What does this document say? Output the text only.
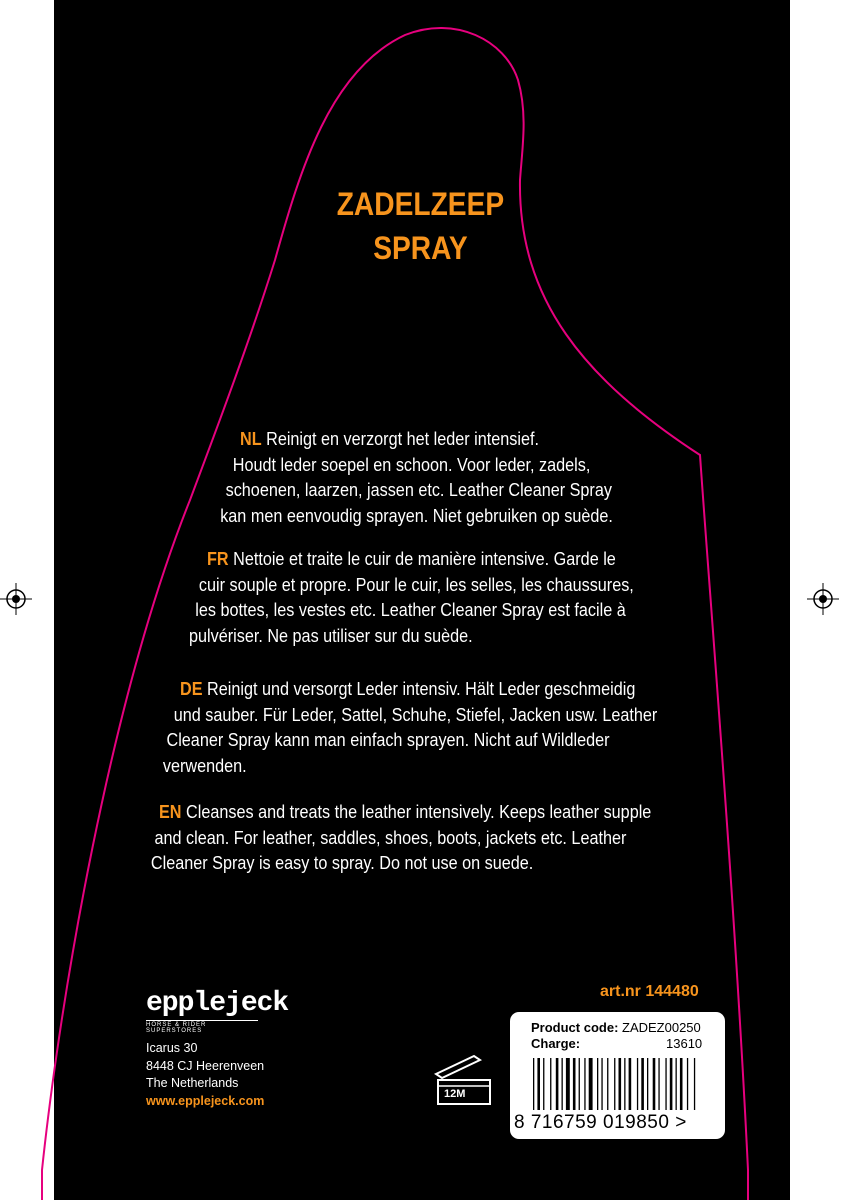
ZADELZEEP
SPRAY
NL Reinigt en verzorgt het leder intensief.
Houdt leder soepel en schoon. Voor leder, zadels,
schoenen, laarzen, jassen etc. Leather Cleaner Spray
kan men eenvoudig sprayen. Niet gebruiken op suède.
FR Nettoie et traite le cuir de manière intensive. Garde le
cuir souple et propre. Pour le cuir, les selles, les chaussures,
les bottes, les vestes etc. Leather Cleaner Spray est facile à
pulvériser. Ne pas utiliser sur du suède.
DE Reinigt und versorgt Leder intensiv. Hält Leder geschmeidig
und sauber. Für Leder, Sattel, Schuhe, Stiefel, Jacken usw. Leather
Cleaner Spray kann man einfach sprayen. Nicht auf Wildleder
verwenden.
EN Cleanses and treats the leather intensively. Keeps leather supple
and clean. For leather, saddles, shoes, boots, jackets etc. Leather
Cleaner Spray is easy to spray. Do not use on suede.
epplejeck
HORSE & RIDER SUPERSTORES
Icarus 30
8448 CJ Heerenveen
The Netherlands
www.epplejeck.com
art.nr 144480
12M
Product code: ZADEZ00250
Charge:	13610
8 716759 019850 >
